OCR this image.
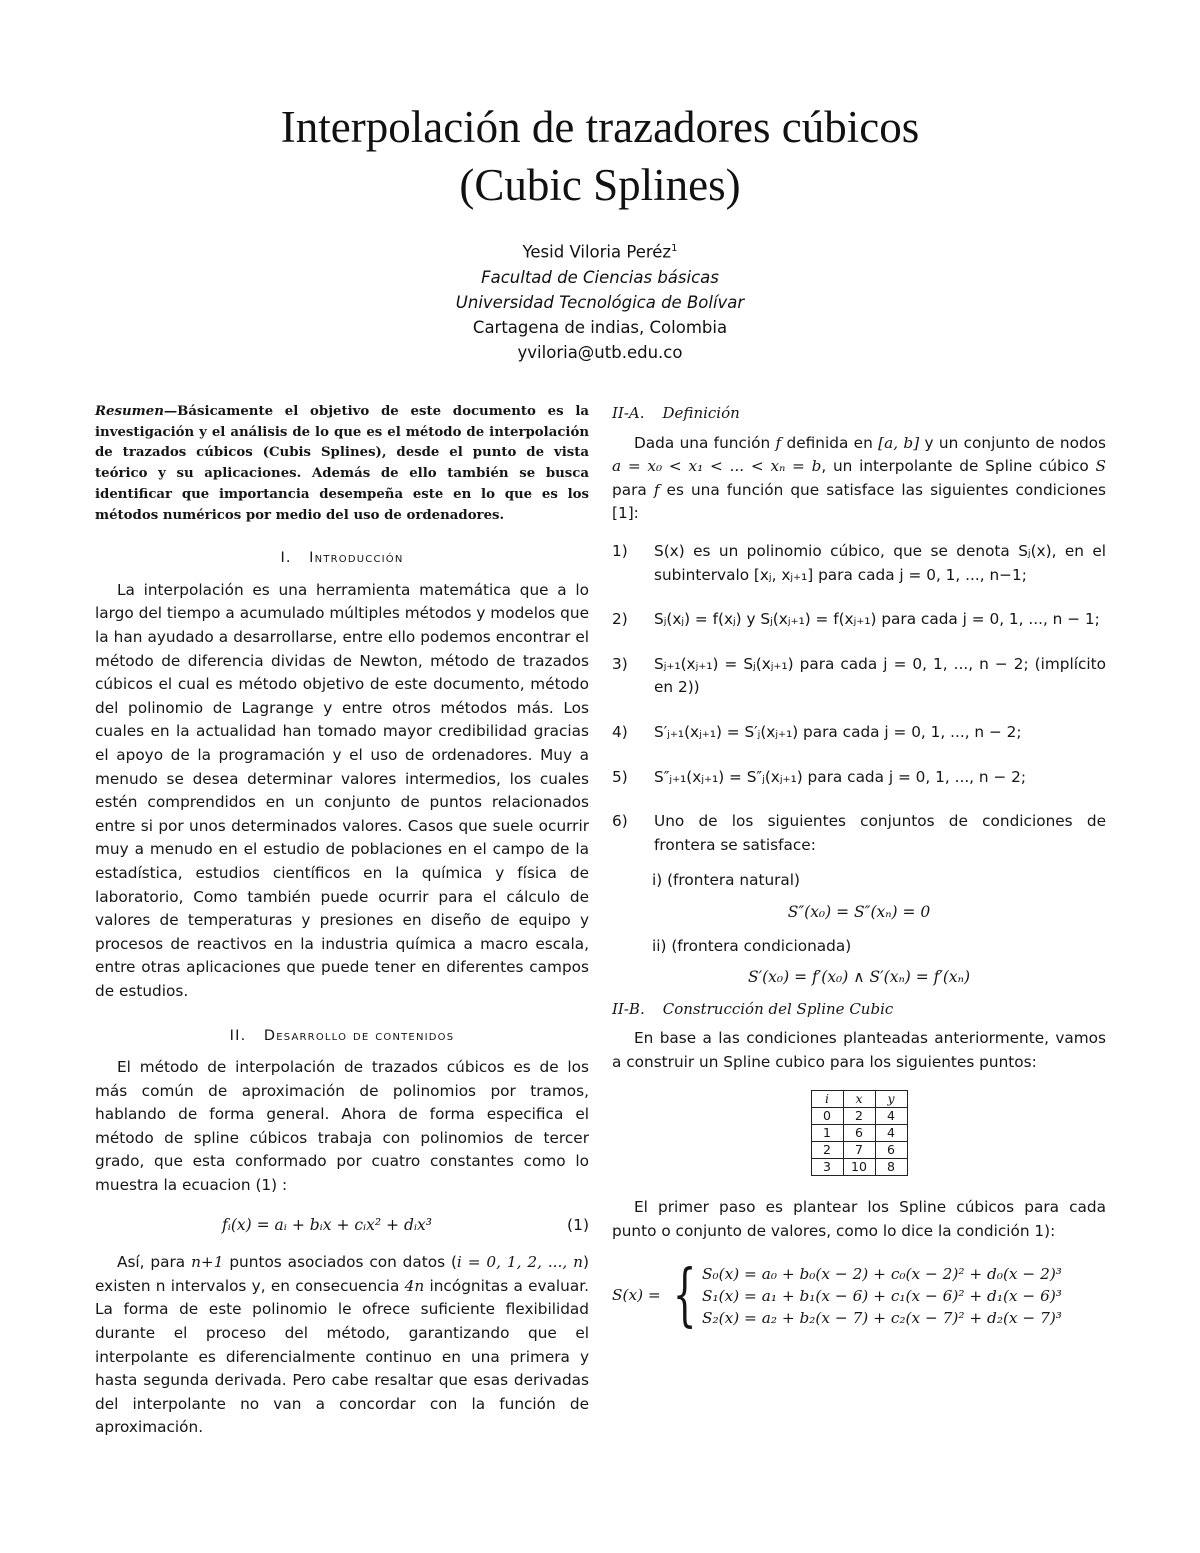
Interpolación de trazadores cúbicos
(Cubic Splines)
Yesid Viloria Peréz$^1$
Facultad de Ciencias básicas
Universidad Tecnológica de Bolívar
Cartagena de indias, Colombia
yviloria@utb.edu.co

Resumen—Básicamente el objetivo de este documento es la investigación y el análisis de lo que es el método de interpolación de trazados cúbicos (Cubis Splines), desde el punto de vista teórico y su aplicaciones. Además de ello también se busca identificar que importancia desempeña este en lo que es los métodos numéricos por medio del uso de ordenadores.

I. Introducción

La interpolación es una herramienta matemática que a lo largo del tiempo a acumulado múltiples métodos y modelos que la han ayudado a desarrollarse, entre ello podemos encontrar el método de diferencia dividas de Newton, método de trazados cúbicos el cual es método objetivo de este documento, método del polinomio de Lagrange y entre otros métodos más. Los cuales en la actualidad han tomado mayor credibilidad gracias el apoyo de la programación y el uso de ordenadores. Muy a menudo se desea determinar valores intermedios, los cuales estén comprendidos en un conjunto de puntos relacionados entre si por unos determinados valores. Casos que suele ocurrir muy a menudo en el estudio de poblaciones en el campo de la estadística, estudios científicos en la química y física de laboratorio, Como también puede ocurrir para el cálculo de valores de temperaturas y presiones en diseño de equipo y procesos de reactivos en la industria química a macro escala, entre otras aplicaciones que puede tener en diferentes campos de estudios.

II. Desarrollo de contenidos

El método de interpolación de trazados cúbicos es de los más común de aproximación de polinomios por tramos, hablando de forma general. Ahora de forma especifica el método de spline cúbicos trabaja con polinomios de tercer grado, que esta conformado por cuatro constantes como lo muestra la ecuacion (1) :

fᵢ(x) = aᵢ + bᵢx + cᵢx² + dᵢx³	(1)

Así, para n+1 puntos asociados con datos (i = 0, 1, 2, ..., n) existen n intervalos y, en consecuencia 4n incógnitas a evaluar. La forma de este polinomio le ofrece suficiente flexibilidad durante el proceso del método, garantizando que el interpolante es diferencialmente continuo en una primera y hasta segunda derivada. Pero cabe resaltar que esas derivadas del interpolante no van a concordar con la función de aproximación.

II-A. Definición

Dada una función f definida en [a, b] y un conjunto de nodos a = x₀ < x₁ < ... < xₙ = b, un interpolante de Spline cúbico S para f es una función que satisface las siguientes condiciones [1]:

1)	S(x) es un polinomio cúbico, que se denota Sⱼ(x), en el subintervalo [xⱼ, xⱼ₊₁] para cada j = 0, 1, ..., n−1;
2)	Sⱼ(xⱼ) = f(xⱼ) y Sⱼ(xⱼ₊₁) = f(xⱼ₊₁) para cada j = 0, 1, ..., n − 1;
3)	Sⱼ₊₁(xⱼ₊₁) = Sⱼ(xⱼ₊₁) para cada j = 0, 1, ..., n − 2; (implícito en 2))
4)	S′ⱼ₊₁(xⱼ₊₁) = S′ⱼ(xⱼ₊₁) para cada j = 0, 1, ..., n − 2;
5)	S″ⱼ₊₁(xⱼ₊₁) = S″ⱼ(xⱼ₊₁) para cada j = 0, 1, ..., n − 2;
6)	Uno de los siguientes conjuntos de condiciones de frontera se satisface:
i) (frontera natural)
S″(x₀) = S″(xₙ) = 0
ii) (frontera condicionada)
S′(x₀) = f′(x₀) ∧ S′(xₙ) = f′(xₙ)
II-B. Construcción del Spline Cubic

En base a las condiciones planteadas anteriormente, vamos a construir un Spline cubico para los siguientes puntos:

i	x	y
0	2	4
1	6	4
2	7	6
3	10	8

El primer paso es plantear los Spline cúbicos para cada punto o conjunto de valores, como lo dice la condición 1):

S(x) = { S₀(x) = a₀ + b₀(x − 2) + c₀(x − 2)² + d₀(x − 2)³
S₁(x) = a₁ + b₁(x − 6) + c₁(x − 6)² + d₁(x − 6)³
S₂(x) = a₂ + b₂(x − 7) + c₂(x − 7)² + d₂(x − 7)³
